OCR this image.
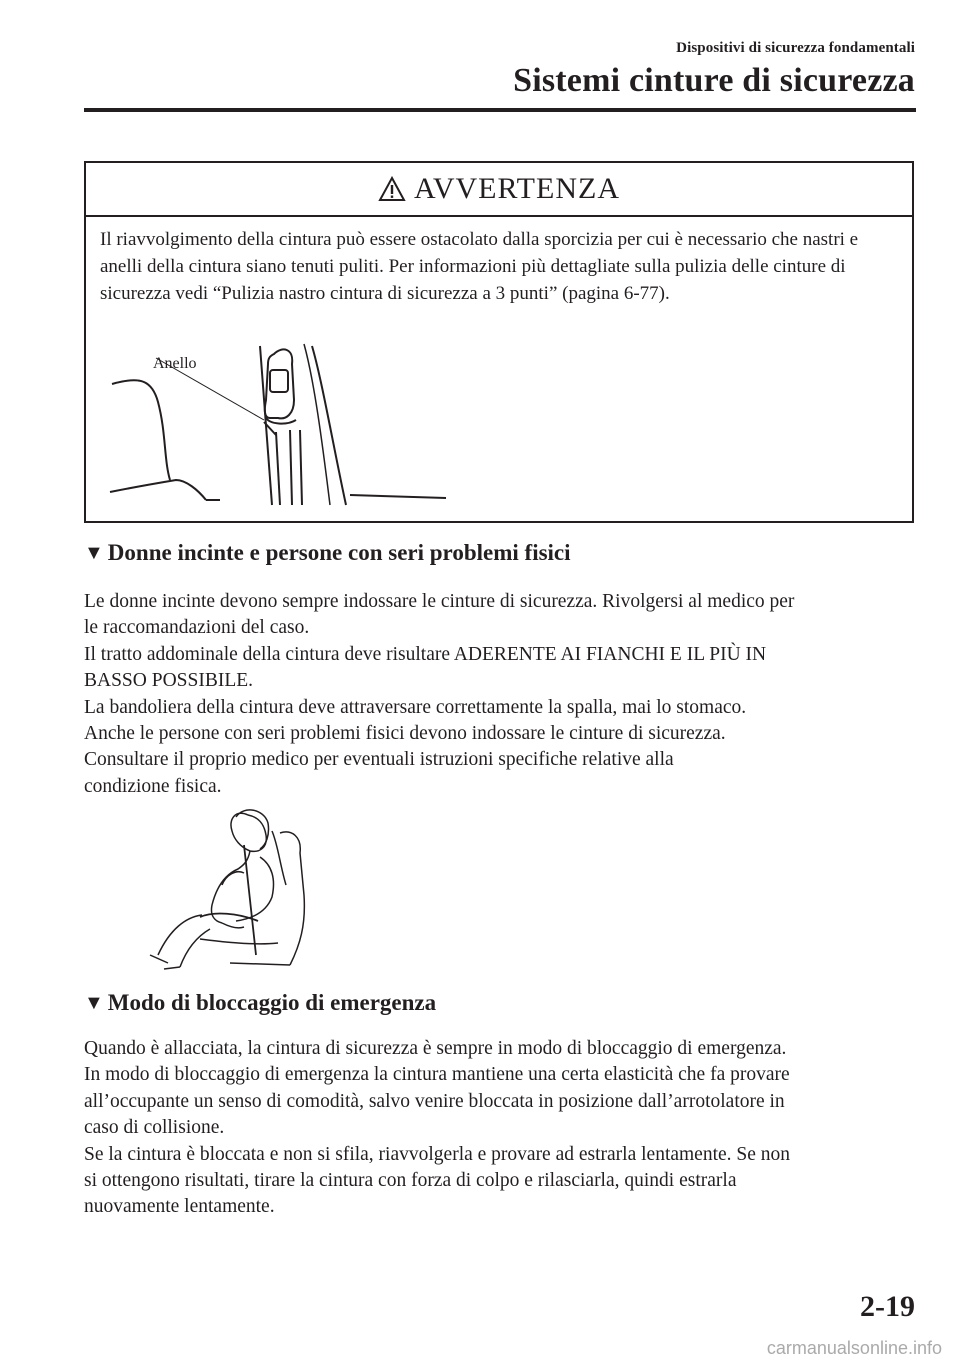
Dispositivi di sicurezza fondamentali
Sistemi cinture di sicurezza
AVVERTENZA

Il riavvolgimento della cintura può essere ostacolato dalla sporcizia per cui è necessario che nastri e anelli della cintura siano tenuti puliti. Per informazioni più dettagliate sulla pulizia delle cinture di sicurezza vedi “Pulizia nastro cintura di sicurezza a 3 punti” (pagina 6-77).

Anello
▼ Donne incinte e persone con seri problemi fisici

Le donne incinte devono sempre indossare le cinture di sicurezza. Rivolgersi al medico per
le raccomandazioni del caso.
Il tratto addominale della cintura deve risultare ADERENTE AI FIANCHI E IL PIÙ IN
BASSO POSSIBILE.
La bandoliera della cintura deve attraversare correttamente la spalla, mai lo stomaco.
Anche le persone con seri problemi fisici devono indossare le cinture di sicurezza.
Consultare il proprio medico per eventuali istruzioni specifiche relative alla
condizione fisica.

▼ Modo di bloccaggio di emergenza

Quando è allacciata, la cintura di sicurezza è sempre in modo di bloccaggio di emergenza.
In modo di bloccaggio di emergenza la cintura mantiene una certa elasticità che fa provare
all’occupante un senso di comodità, salvo venire bloccata in posizione dall’arrotolatore in
caso di collisione.
Se la cintura è bloccata e non si sfila, riavvolgerla e provare ad estrarla lentamente. Se non
si ottengono risultati, tirare la cintura con forza di colpo e rilasciarla, quindi estrarla
nuovamente lentamente.

2-19
carmanualsonline.info
